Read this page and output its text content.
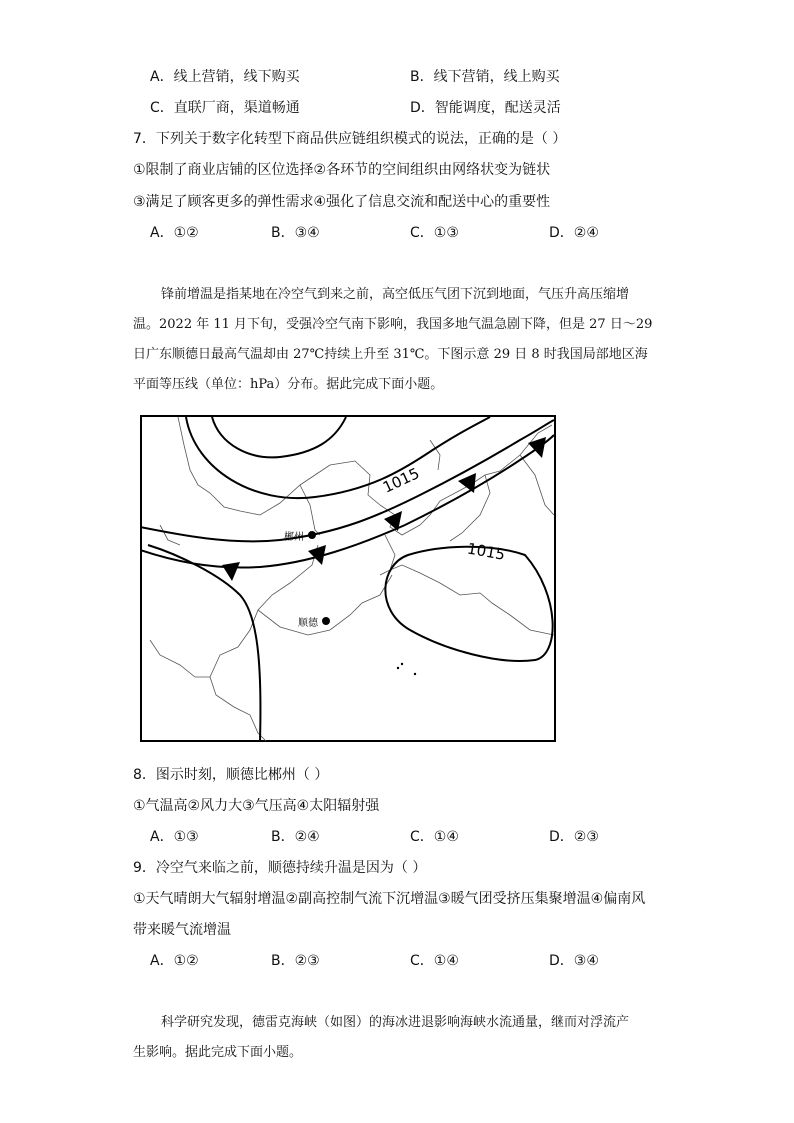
A．线上营销，线下购买	B．线下营销，线上购买
C．直联厂商，渠道畅通	D．智能调度，配送灵活
7．下列关于数字化转型下商品供应链组织模式的说法，正确的是（ ）
①限制了商业店铺的区位选择②各环节的空间组织由网络状变为链状
③满足了顾客更多的弹性需求④强化了信息交流和配送中心的重要性
A．①②	B．③④	C．①③	D．②④
锋前增温是指某地在冷空气到来之前，高空低压气团下沉到地面，气压升高压缩增
温。2022 年 11 月下旬，受强冷空气南下影响，我国多地气温急剧下降，但是 27 日～29
日广东顺德日最高气温却由 27℃持续上升至 31℃。下图示意 29 日 8 时我国局部地区海
平面等压线（单位：hPa）分布。据此完成下面小题。
1015
1015
郴州
顺德
8．图示时刻，顺德比郴州（ ）
①气温高②风力大③气压高④太阳辐射强
A．①③	B．②④	C．①④	D．②③
9．冷空气来临之前，顺德持续升温是因为（ ）
①天气晴朗大气辐射增温②副高控制气流下沉增温③暖气团受挤压集聚增温④偏南风
带来暖气流增温
A．①②	B．②③	C．①④	D．③④
科学研究发现，德雷克海峡（如图）的海冰进退影响海峡水流通量，继而对浮流产
生影响。据此完成下面小题。
